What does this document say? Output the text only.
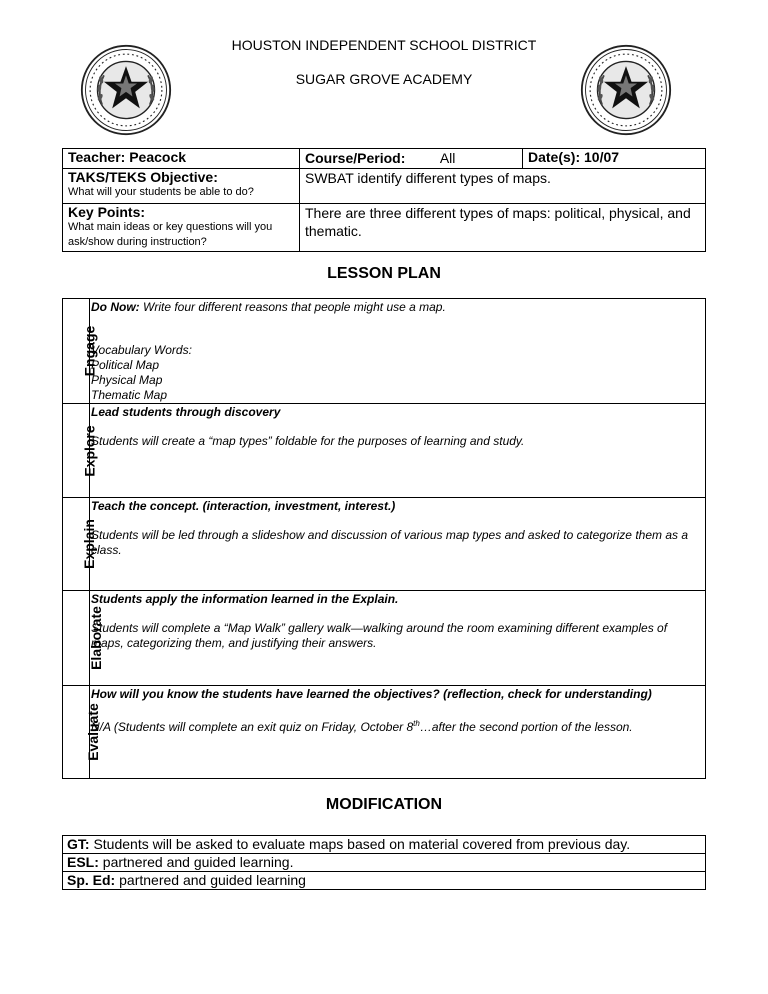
HOUSTON INDEPENDENT SCHOOL DISTRICT
SUGAR GROVE ACADEMY
Teacher: Peacock	Course/Period: All	Date(s): 10/07

TAKS/TEKS Objective:
What will your students be able to do?	SWBAT identify different types of maps.	

Key Points:
What main ideas or key questions will you ask/show during instruction?	There are three different types of maps: political, physical, and thematic.	
LESSON PLAN
Engage	Do Now: Write four different reasons that people might use a map.
Vocabulary Words:
Political Map
Physical Map
Thematic Map

Explore	Lead students through discovery
Students will create a “map types” foldable for the purposes of learning and study.

Explain	Teach the concept. (interaction, investment, interest.)
Students will be led through a slideshow and discussion of various map types and asked to categorize them as a class.

Elaborate	Students apply the information learned in the Explain.
Students will complete a “Map Walk” gallery walk—walking around the room examining different examples of maps, categorizing them, and justifying their answers.

Evaluate	How will you know the students have learned the objectives? (reflection, check for understanding)
N/A (Students will complete an exit quiz on Friday, October 8th…after the second portion of the lesson.
MODIFICATION
GT: Students will be asked to evaluate maps based on material covered from previous day.
ESL: partnered and guided learning.
Sp. Ed: partnered and guided learning
